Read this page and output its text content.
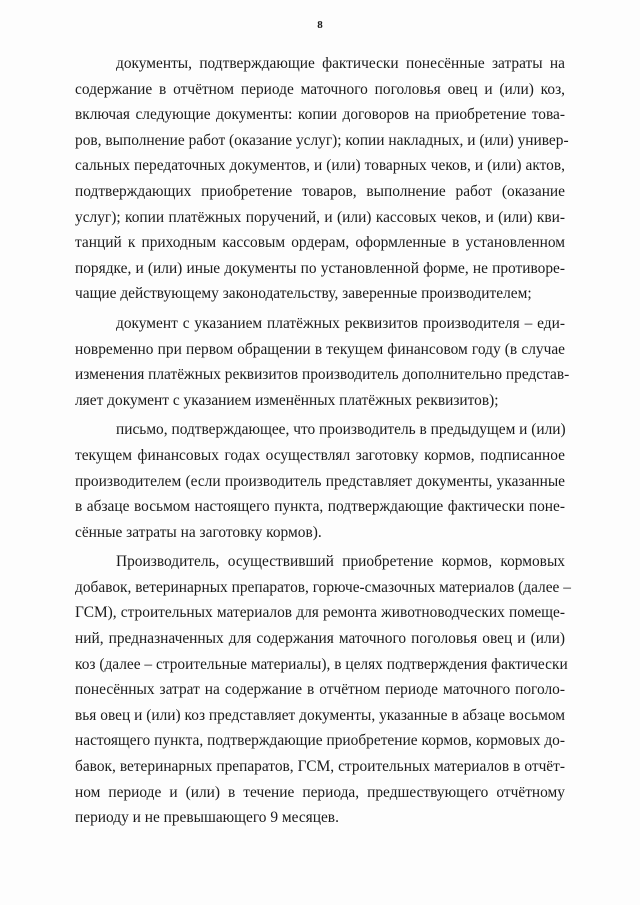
8
документы, подтверждающие фактически понесённые затраты на
содержание в отчётном периоде маточного поголовья овец и (или) коз,
включая следующие документы: копии договоров на приобретение това-
ров, выполнение работ (оказание услуг); копии накладных, и (или) универ-
сальных передаточных документов, и (или) товарных чеков, и (или) актов,
подтверждающих приобретение товаров, выполнение работ (оказание
услуг); копии платёжных поручений, и (или) кассовых чеков, и (или) кви-
танций к приходным кассовым ордерам, оформленные в установленном
порядке, и (или) иные документы по установленной форме, не противоре-
чащие действующему законодательству, заверенные производителем;
документ с указанием платёжных реквизитов производителя – еди-
новременно при первом обращении в текущем финансовом году (в случае
изменения платёжных реквизитов производитель дополнительно представ-
ляет документ с указанием изменённых платёжных реквизитов);
письмо, подтверждающее, что производитель в предыдущем и (или)
текущем финансовых годах осуществлял заготовку кормов, подписанное
производителем (если производитель представляет документы, указанные
в абзаце восьмом настоящего пункта, подтверждающие фактически поне-
сённые затраты на заготовку кормов).
Производитель, осуществивший приобретение кормов, кормовых
добавок, ветеринарных препаратов, горюче-смазочных материалов (далее –
ГСМ), строительных материалов для ремонта животноводческих помеще-
ний, предназначенных для содержания маточного поголовья овец и (или)
коз (далее – строительные материалы), в целях подтверждения фактически
понесённых затрат на содержание в отчётном периоде маточного поголо-
вья овец и (или) коз представляет документы, указанные в абзаце восьмом
настоящего пункта, подтверждающие приобретение кормов, кормовых до-
бавок, ветеринарных препаратов, ГСМ, строительных материалов в отчёт-
ном периоде и (или) в течение периода, предшествующего отчётному
периоду и не превышающего 9 месяцев.
